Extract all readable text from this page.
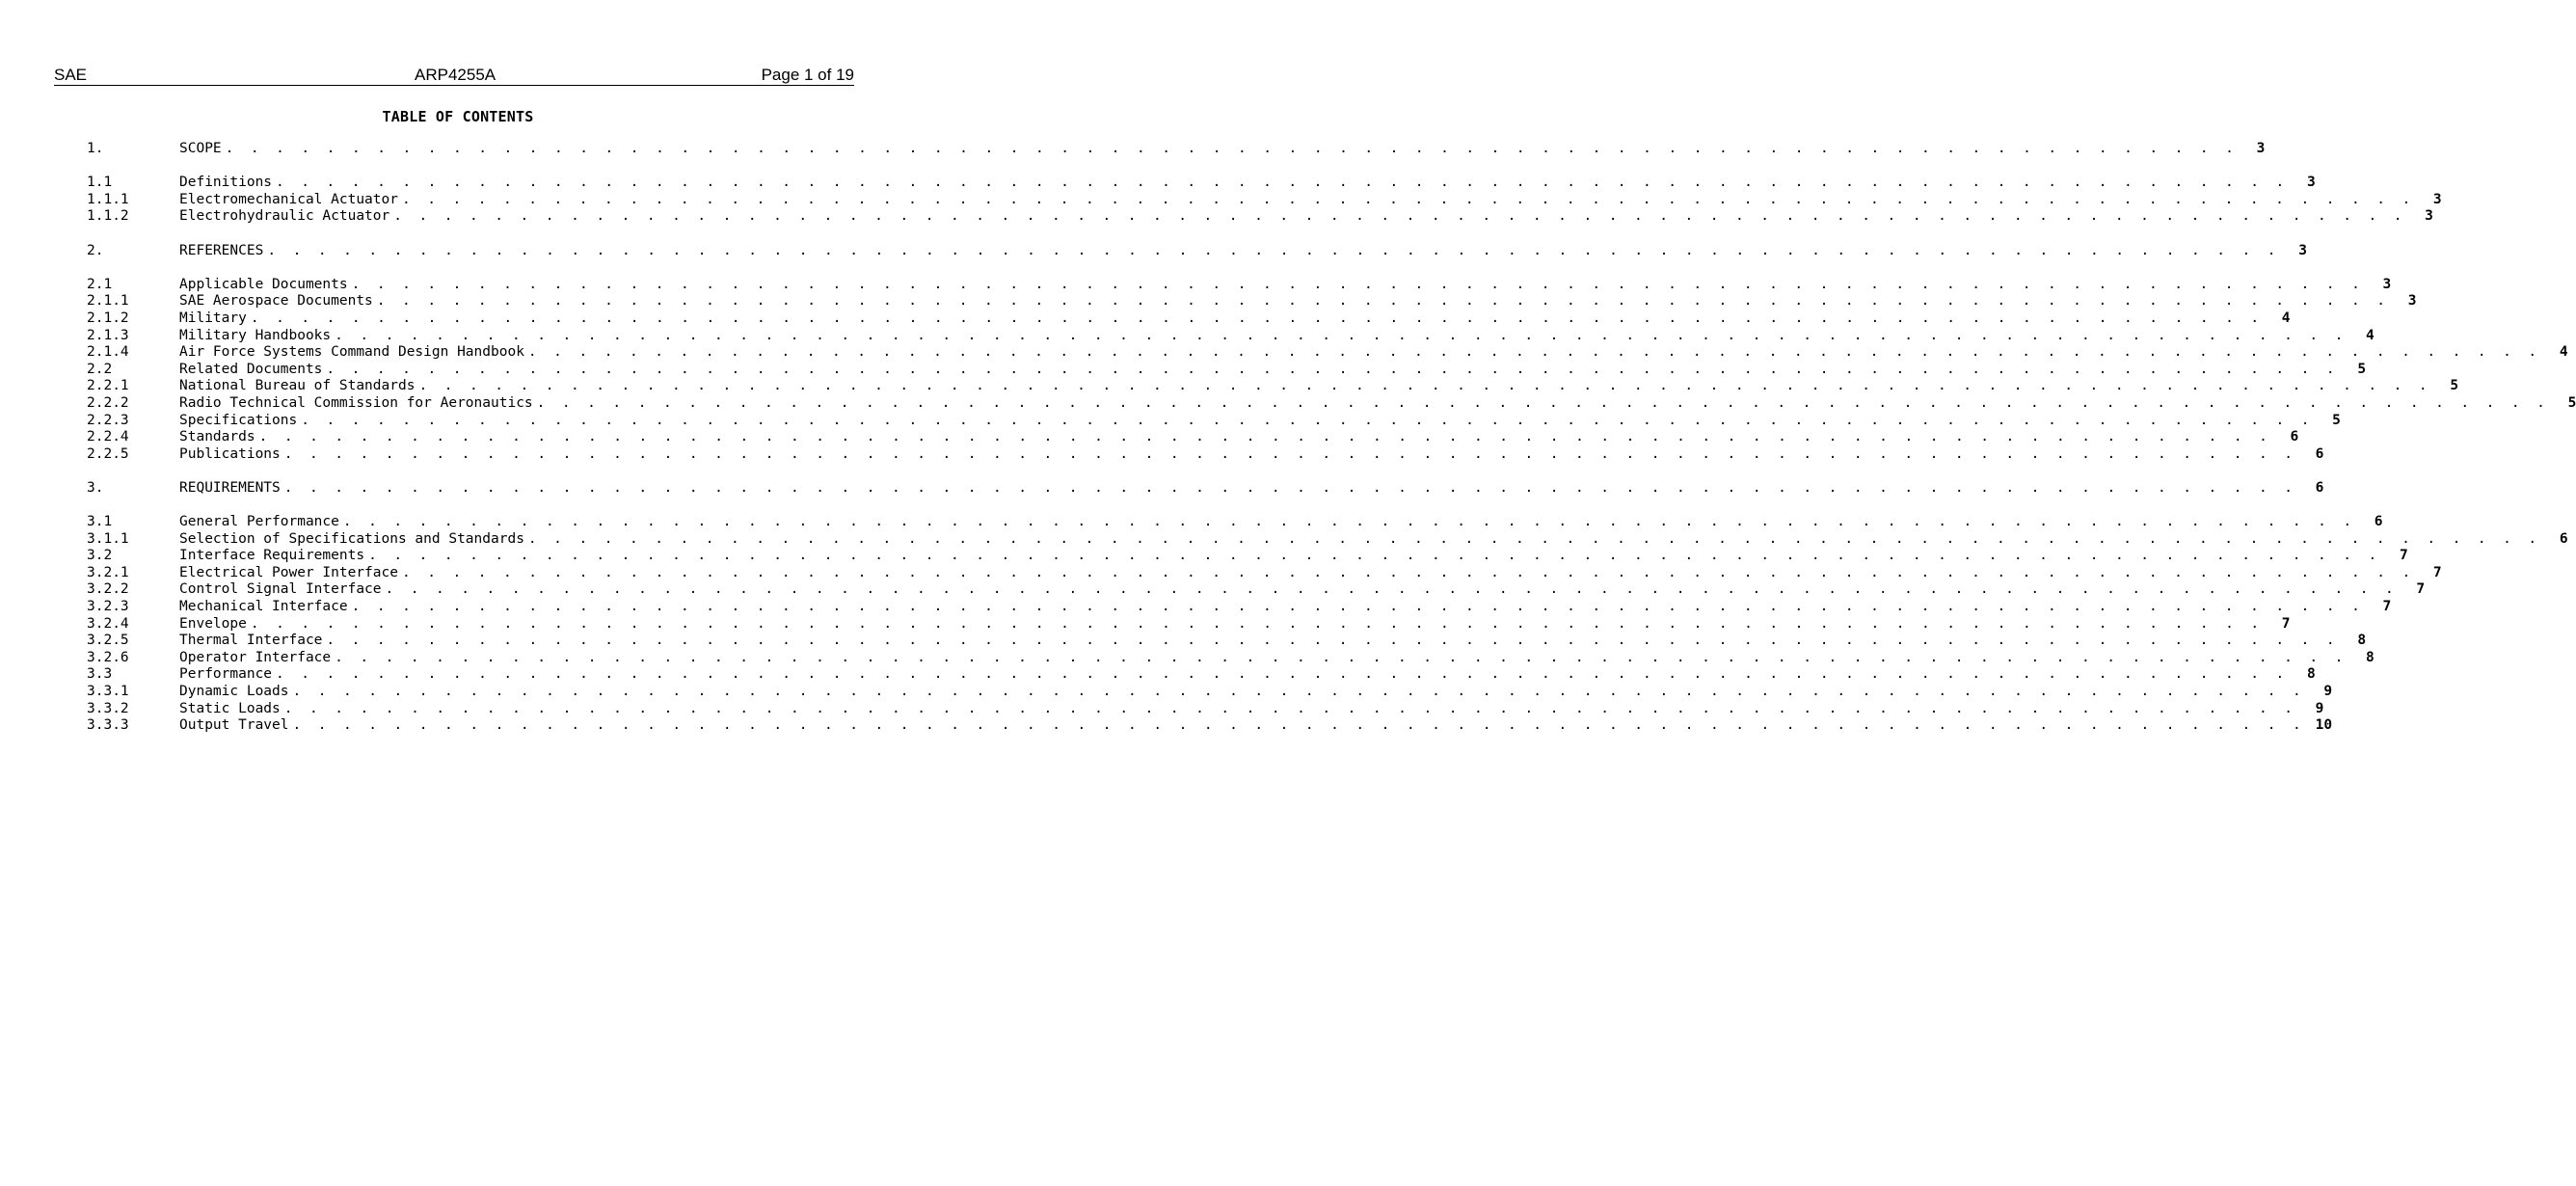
SAE	ARP4255A	Page 1 of 19
TABLE OF CONTENTS
1.	SCOPE . . . . . . . . . . . . . . . . . . . . . . . . . . . . . . . . . . . . . . . . . . . . . . . . . . . . . . . . . . . . . . . . . . . . . . . . . . . . . . . .	3
1.1	Definitions . . . . . . . . . . . . . . . . . . . . . . . . . . . . . . . . . . . . . . . . . . . . . . . . . . . . . . . . . . . . . . . . . . . . . . . . . . . . . . . .	3
1.1.1	Electromechanical Actuator . . . . . . . . . . . . . . . . . . . . . . . . . . . . . . . . . . . . . . . . . . . . . . . . . . . . . . . . . . . . . . . . . . . . . . . . . . . . . . . .	3
1.1.2	Electrohydraulic Actuator . . . . . . . . . . . . . . . . . . . . . . . . . . . . . . . . . . . . . . . . . . . . . . . . . . . . . . . . . . . . . . . . . . . . . . . . . . . . . . . .	3
2.	REFERENCES . . . . . . . . . . . . . . . . . . . . . . . . . . . . . . . . . . . . . . . . . . . . . . . . . . . . . . . . . . . . . . . . . . . . . . . . . . . . . . . .	3
2.1	Applicable Documents . . . . . . . . . . . . . . . . . . . . . . . . . . . . . . . . . . . . . . . . . . . . . . . . . . . . . . . . . . . . . . . . . . . . . . . . . . . . . . . .	3
2.1.1	SAE Aerospace Documents . . . . . . . . . . . . . . . . . . . . . . . . . . . . . . . . . . . . . . . . . . . . . . . . . . . . . . . . . . . . . . . . . . . . . . . . . . . . . . . .	3
2.1.2	Military . . . . . . . . . . . . . . . . . . . . . . . . . . . . . . . . . . . . . . . . . . . . . . . . . . . . . . . . . . . . . . . . . . . . . . . . . . . . . . . .	4
2.1.3	Military Handbooks . . . . . . . . . . . . . . . . . . . . . . . . . . . . . . . . . . . . . . . . . . . . . . . . . . . . . . . . . . . . . . . . . . . . . . . . . . . . . . . .	4
2.1.4	Air Force Systems Command Design Handbook . . . . . . . . . . . . . . . . . . . . . . . . . . . . . . . . . . . . . . . . . . . . . . . . . . . . . . . . . . . . . . . . . . . . . . . . . . . . . . . .	4
2.2	Related Documents . . . . . . . . . . . . . . . . . . . . . . . . . . . . . . . . . . . . . . . . . . . . . . . . . . . . . . . . . . . . . . . . . . . . . . . . . . . . . . . .	5
2.2.1	National Bureau of Standards . . . . . . . . . . . . . . . . . . . . . . . . . . . . . . . . . . . . . . . . . . . . . . . . . . . . . . . . . . . . . . . . . . . . . . . . . . . . . . . .	5
2.2.2	Radio Technical Commission for Aeronautics . . . . . . . . . . . . . . . . . . . . . . . . . . . . . . . . . . . . . . . . . . . . . . . . . . . . . . . . . . . . . . . . . . . . . . . . . . . . . . . .	5
2.2.3	Specifications . . . . . . . . . . . . . . . . . . . . . . . . . . . . . . . . . . . . . . . . . . . . . . . . . . . . . . . . . . . . . . . . . . . . . . . . . . . . . . . .	5
2.2.4	Standards . . . . . . . . . . . . . . . . . . . . . . . . . . . . . . . . . . . . . . . . . . . . . . . . . . . . . . . . . . . . . . . . . . . . . . . . . . . . . . . .	6
2.2.5	Publications . . . . . . . . . . . . . . . . . . . . . . . . . . . . . . . . . . . . . . . . . . . . . . . . . . . . . . . . . . . . . . . . . . . . . . . . . . . . . . . .	6
3.	REQUIREMENTS . . . . . . . . . . . . . . . . . . . . . . . . . . . . . . . . . . . . . . . . . . . . . . . . . . . . . . . . . . . . . . . . . . . . . . . . . . . . . . . .	6
3.1	General Performance . . . . . . . . . . . . . . . . . . . . . . . . . . . . . . . . . . . . . . . . . . . . . . . . . . . . . . . . . . . . . . . . . . . . . . . . . . . . . . . .	6
3.1.1	Selection of Specifications and Standards . . . . . . . . . . . . . . . . . . . . . . . . . . . . . . . . . . . . . . . . . . . . . . . . . . . . . . . . . . . . . . . . . . . . . . . . . . . . . . . .	6
3.2	Interface Requirements . . . . . . . . . . . . . . . . . . . . . . . . . . . . . . . . . . . . . . . . . . . . . . . . . . . . . . . . . . . . . . . . . . . . . . . . . . . . . . . .	7
3.2.1	Electrical Power Interface . . . . . . . . . . . . . . . . . . . . . . . . . . . . . . . . . . . . . . . . . . . . . . . . . . . . . . . . . . . . . . . . . . . . . . . . . . . . . . . .	7
3.2.2	Control Signal Interface . . . . . . . . . . . . . . . . . . . . . . . . . . . . . . . . . . . . . . . . . . . . . . . . . . . . . . . . . . . . . . . . . . . . . . . . . . . . . . . .	7
3.2.3	Mechanical Interface . . . . . . . . . . . . . . . . . . . . . . . . . . . . . . . . . . . . . . . . . . . . . . . . . . . . . . . . . . . . . . . . . . . . . . . . . . . . . . . .	7
3.2.4	Envelope . . . . . . . . . . . . . . . . . . . . . . . . . . . . . . . . . . . . . . . . . . . . . . . . . . . . . . . . . . . . . . . . . . . . . . . . . . . . . . . .	7
3.2.5	Thermal Interface . . . . . . . . . . . . . . . . . . . . . . . . . . . . . . . . . . . . . . . . . . . . . . . . . . . . . . . . . . . . . . . . . . . . . . . . . . . . . . . .	8
3.2.6	Operator Interface . . . . . . . . . . . . . . . . . . . . . . . . . . . . . . . . . . . . . . . . . . . . . . . . . . . . . . . . . . . . . . . . . . . . . . . . . . . . . . . .	8
3.3	Performance . . . . . . . . . . . . . . . . . . . . . . . . . . . . . . . . . . . . . . . . . . . . . . . . . . . . . . . . . . . . . . . . . . . . . . . . . . . . . . . .	8
3.3.1	Dynamic Loads . . . . . . . . . . . . . . . . . . . . . . . . . . . . . . . . . . . . . . . . . . . . . . . . . . . . . . . . . . . . . . . . . . . . . . . . . . . . . . . .	9
3.3.2	Static Loads . . . . . . . . . . . . . . . . . . . . . . . . . . . . . . . . . . . . . . . . . . . . . . . . . . . . . . . . . . . . . . . . . . . . . . . . . . . . . . . .	9
3.3.3	Output Travel . . . . . . . . . . . . . . . . . . . . . . . . . . . . . . . . . . . . . . . . . . . . . . . . . . . . . . . . . . . . . . . . . . . . . . . . . . . . . . . . 10
